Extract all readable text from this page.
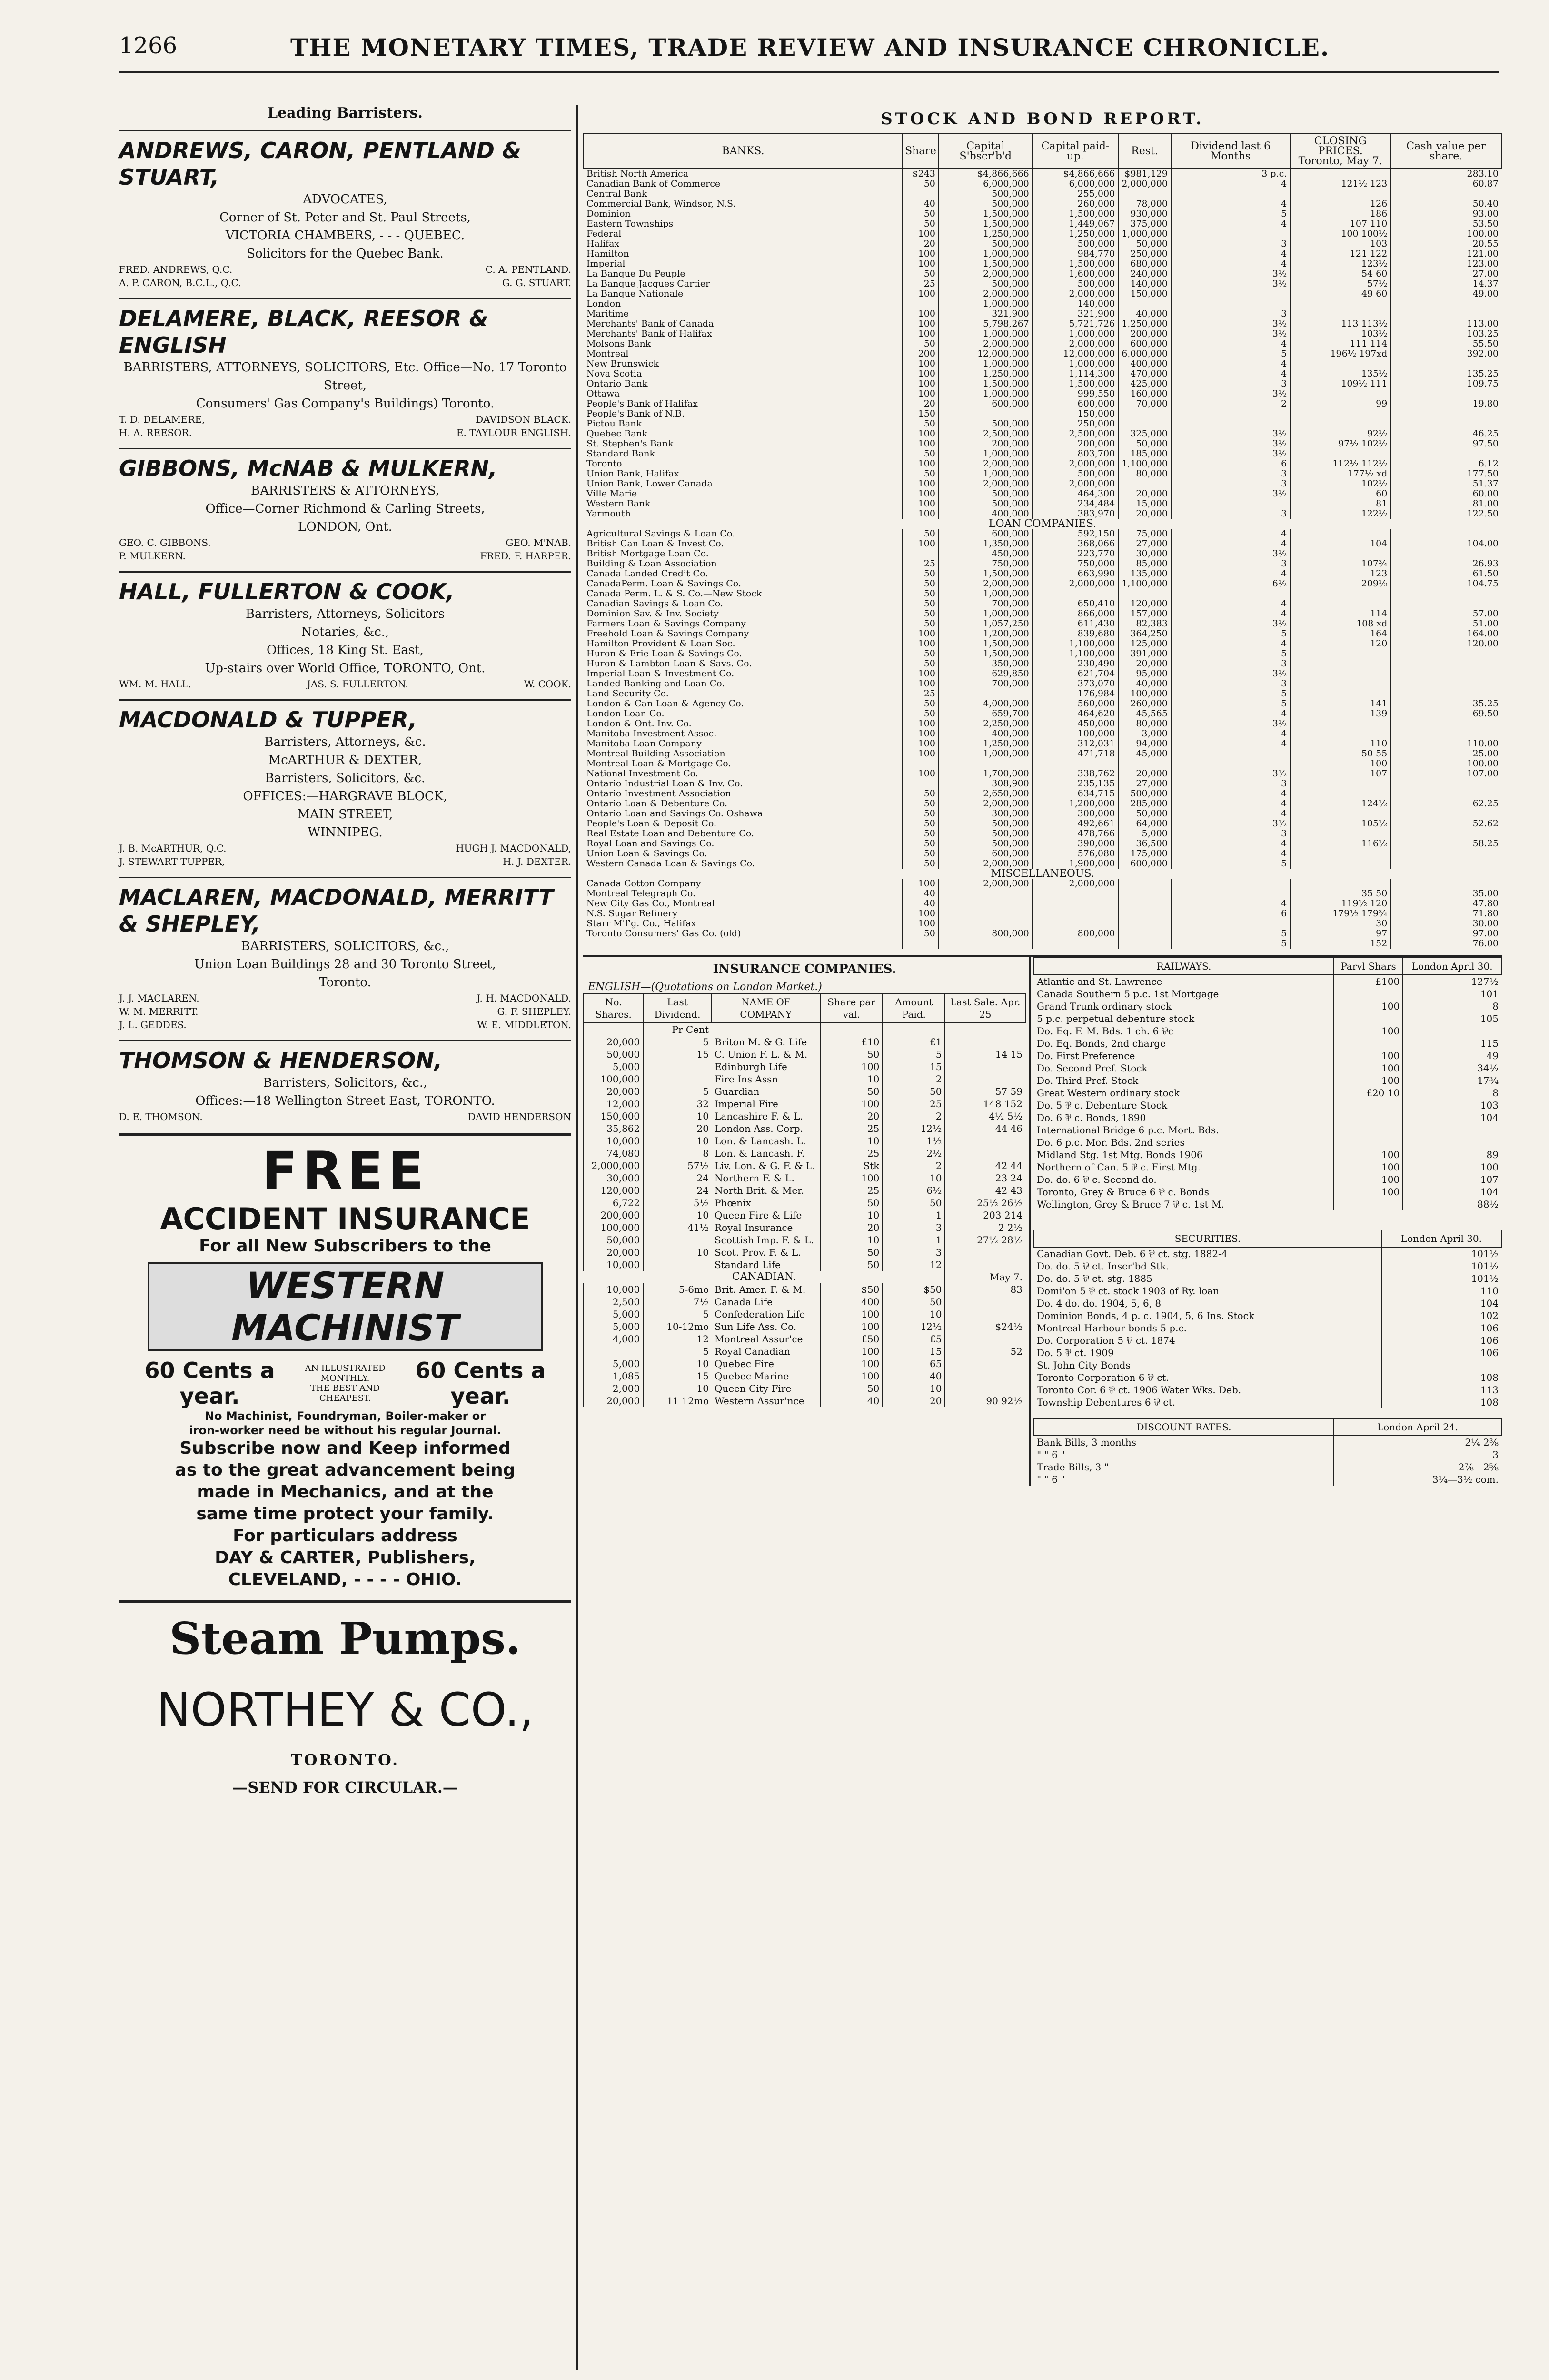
1266	THE MONETARY TIMES, TRADE REVIEW AND INSURANCE CHRONICLE.
Leading Barristers.
ANDREWS, CARON, PENTLAND & STUART,
ADVOCATES,
Corner of St. Peter and St. Paul Streets,
VICTORIA CHAMBERS, - - - QUEBEC.
Solicitors for the Quebec Bank.
FRED. ANDREWS, Q.C.	C. A. PENTLAND.
A. P. CARON, B.C.L., Q.C.	G. G. STUART.
DELAMERE, BLACK, REESOR & ENGLISH
BARRISTERS, ATTORNEYS, SOLICITORS, Etc. Office—No. 17 Toronto Street,
Consumers' Gas Company's Buildings) Toronto.
T. D. DELAMERE,	DAVIDSON BLACK.
H. A. REESOR.	E. TAYLOUR ENGLISH.
GIBBONS, McNAB & MULKERN,
BARRISTERS & ATTORNEYS,
Office—Corner Richmond & Carling Streets,
LONDON, Ont.
GEO. C. GIBBONS.	GEO. M'NAB.
P. MULKERN.	FRED. F. HARPER.
HALL, FULLERTON & COOK,
Barristers, Attorneys, Solicitors
Notaries, &c.,
Offices, 18 King St. East,
Up-stairs over World Office, TORONTO, Ont.
WM. M. HALL.	JAS. S. FULLERTON.	W. COOK.
MACDONALD & TUPPER,
Barristers, Attorneys, &c.
McARTHUR & DEXTER,
Barristers, Solicitors, &c.
OFFICES:—HARGRAVE BLOCK,
MAIN STREET,
WINNIPEG.
J. B. McARTHUR, Q.C.	HUGH J. MACDONALD,
J. STEWART TUPPER,	H. J. DEXTER.
MACLAREN, MACDONALD, MERRITT & SHEPLEY,
BARRISTERS, SOLICITORS, &c.,
Union Loan Buildings 28 and 30 Toronto Street,
Toronto.
J. J. MACLAREN.	J. H. MACDONALD.
W. M. MERRITT.	G. F. SHEPLEY.
J. L. GEDDES.	W. E. MIDDLETON.
THOMSON & HENDERSON,
Barristers, Solicitors, &c.,
Offices:—18 Wellington Street East, TORONTO.
D. E. THOMSON.	DAVID HENDERSON
FREE
ACCIDENT INSURANCE
For all New Subscribers to the
WESTERN MACHINIST
60 Cents a year.
AN ILLUSTRATED MONTHLY.
THE BEST AND CHEAPEST.
60 Cents a year.
No Machinist, Foundryman, Boiler-maker or
iron-worker need be without his regular Journal.
Subscribe now and Keep informed
as to the great advancement being
made in Mechanics, and at the
same time protect your family.
For particulars address
DAY & CARTER, Publishers,
CLEVELAND, - - - - OHIO.
Steam Pumps.
NORTHEY & CO.,
TORONTO.
—SEND FOR CIRCULAR.—
STOCK AND BOND REPORT.
BANKS.	Share	Capital S'bscr'b'd	Capital paid-up.	Rest.	Dividend last 6 Months	CLOSING PRICES.
Toronto, May 7.	Cash value per share.
British North America	$243	$4,866,666	$4,866,666	$981,129	3 p.c.		283.10
Canadian Bank of Commerce	50	6,000,000	6,000,000	2,000,000	4	121½ 123	60.87
Central Bank		500,000	255,000				
Commercial Bank, Windsor, N.S.	40	500,000	260,000	78,000	4	126	50.40
Dominion	50	1,500,000	1,500,000	930,000	5	186	93.00
Eastern Townships	50	1,500,000	1,449,067	375,000	4	107 110	53.50
Federal	100	1,250,000	1,250,000	1,000,000		100 100½	100.00
Halifax	20	500,000	500,000	50,000	3	103	20.55
Hamilton	100	1,000,000	984,770	250,000	4	121 122	121.00
Imperial	100	1,500,000	1,500,000	680,000	4	123½	123.00
La Banque Du Peuple	50	2,000,000	1,600,000	240,000	3½	54 60	27.00
La Banque Jacques Cartier	25	500,000	500,000	140,000	3½	57½	14.37
La Banque Nationale	100	2,000,000	2,000,000	150,000		49 60	49.00
London		1,000,000	140,000				
Maritime	100	321,900	321,900	40,000	3		
Merchants' Bank of Canada	100	5,798,267	5,721,726	1,250,000	3½	113 113½	113.00
Merchants' Bank of Halifax	100	1,000,000	1,000,000	200,000	3½	103½	103.25
Molsons Bank	50	2,000,000	2,000,000	600,000	4	111 114	55.50
Montreal	200	12,000,000	12,000,000	6,000,000	5	196½ 197xd	392.00
New Brunswick	100	1,000,000	1,000,000	400,000	4		
Nova Scotia	100	1,250,000	1,114,300	470,000	4	135½	135.25
Ontario Bank	100	1,500,000	1,500,000	425,000	3	109½ 111	109.75
Ottawa	100	1,000,000	999,550	160,000	3½		
People's Bank of Halifax	20	600,000	600,000	70,000	2	99	19.80
People's Bank of N.B.	150		150,000				
Pictou Bank	50	500,000	250,000				
Quebec Bank	100	2,500,000	2,500,000	325,000	3½	92½	46.25
St. Stephen's Bank	100	200,000	200,000	50,000	3½	97½ 102½	97.50
Standard Bank	50	1,000,000	803,700	185,000	3½		
Toronto	100	2,000,000	2,000,000	1,100,000	6	112½ 112½	6.12
Union Bank, Halifax	50	1,000,000	500,000	80,000	3	177½ xd	177.50
Union Bank, Lower Canada	100	2,000,000	2,000,000		3	102½	51.37
Ville Marie	100	500,000	464,300	20,000	3½	60	60.00
Western Bank	100	500,000	234,484	15,000		81	81.00
Yarmouth	100	400,000	383,970	20,000	3	122½	122.50
LOAN COMPANIES.							
Agricultural Savings & Loan Co.	50	600,000	592,150	75,000	4		
British Can Loan & Invest Co.	100	1,350,000	368,066	27,000	4	104	104.00
British Mortgage Loan Co.		450,000	223,770	30,000	3½		
Building & Loan Association	25	750,000	750,000	85,000	3	107¾	26.93
Canada Landed Credit Co.	50	1,500,000	663,990	135,000	4	123	61.50
CanadaPerm. Loan & Savings Co.	50	2,000,000	2,000,000	1,100,000	6½	209½	104.75
Canada Perm. L. & S. Co.—New Stock	50	1,000,000					
Canadian Savings & Loan Co.	50	700,000	650,410	120,000	4		
Dominion Sav. & Inv. Society	50	1,000,000	866,000	157,000	4	114	57.00
Farmers Loan & Savings Company	50	1,057,250	611,430	82,383	3½	108 xd	51.00
Freehold Loan & Savings Company	100	1,200,000	839,680	364,250	5	164	164.00
Hamilton Provident & Loan Soc.	100	1,500,000	1,100,000	125,000	4	120	120.00
Huron & Erie Loan & Savings Co.	50	1,500,000	1,100,000	391,000	5		
Huron & Lambton Loan & Savs. Co.	50	350,000	230,490	20,000	3		
Imperial Loan & Investment Co.	100	629,850	621,704	95,000	3½		
Landed Banking and Loan Co.	100	700,000	373,070	40,000	3		
Land Security Co.	25		176,984	100,000	5		
London & Can Loan & Agency Co.	50	4,000,000	560,000	260,000	5	141	35.25
London Loan Co.	50	659,700	464,620	45,565	4	139	69.50
London & Ont. Inv. Co.	100	2,250,000	450,000	80,000	3½		
Manitoba Investment Assoc.	100	400,000	100,000	3,000	4		
Manitoba Loan Company	100	1,250,000	312,031	94,000	4	110	110.00
Montreal Building Association	100	1,000,000	471,718	45,000		50 55	25.00
Montreal Loan & Mortgage Co.						100	100.00
National Investment Co.	100	1,700,000	338,762	20,000	3½	107	107.00
Ontario Industrial Loan & Inv. Co.		308,900	235,135	27,000	3		
Ontario Investment Association	50	2,650,000	634,715	500,000	4		
Ontario Loan & Debenture Co.	50	2,000,000	1,200,000	285,000	4	124½	62.25
Ontario Loan and Savings Co. Oshawa	50	300,000	300,000	50,000	4		
People's Loan & Deposit Co.	50	500,000	492,661	64,000	3½	105½	52.62
Real Estate Loan and Debenture Co.	50	500,000	478,766	5,000	3		
Royal Loan and Savings Co.	50	500,000	390,000	36,500	4	116½	58.25
Union Loan & Savings Co.	50	600,000	576,080	175,000	4		
Western Canada Loan & Savings Co.	50	2,000,000	1,900,000	600,000	5		
MISCELLANEOUS.							
Canada Cotton Company	100	2,000,000	2,000,000				
Montreal Telegraph Co.	40					35 50	35.00
New City Gas Co., Montreal	40				4	119½ 120	47.80
N.S. Sugar Refinery	100				6	179½ 179¾	71.80
Starr M'f'g. Co., Halifax	100					30	30.00
Toronto Consumers' Gas Co. (old)	50	800,000	800,000		5	97	97.00
					5	152	76.00
INSURANCE COMPANIES.
ENGLISH—(Quotations on London Market.)
No. Shares.	Last Dividend.	NAME OF COMPANY	Share par val.	Amount Paid.	Last Sale. Apr. 25
	Pr Cent				
20,000	5	Briton M. & G. Life	£10	£1	
50,000	15	C. Union F. L. & M.	50	5	14 15
5,000		Edinburgh Life	100	15	
100,000		Fire Ins Assn	10	2	
20,000	5	Guardian	50	50	57 59
12,000	32	Imperial Fire	100	25	148 152
150,000	10	Lancashire F. & L.	20	2	4½ 5½
35,862	20	London Ass. Corp.	25	12½	44 46
10,000	10	Lon. & Lancash. L.	10	1½	
74,080	8	Lon. & Lancash. F.	25	2½	
2,000,000	57½	Liv. Lon. & G. F. & L.	Stk	2	42 44
30,000	24	Northern F. & L.	100	10	23 24
120,000	24	North Brit. & Mer.	25	6½	42 43
6,722	5½	Phœnix	50	50	25½ 26½
200,000	10	Queen Fire & Life	10	1	203 214
100,000	41½	Royal Insurance	20	3	2 2½
50,000		Scottish Imp. F. & L.	10	1	27½ 28½
20,000	10	Scot. Prov. F. & L.	50	3	
10,000		Standard Life	50	12	
CANADIAN.					May 7.
10,000	5-6mo	Brit. Amer. F. & M.	$50	$50	83
2,500	7½	Canada Life	400	50	
5,000	5	Confederation Life	100	10	
5,000	10-12mo	Sun Life Ass. Co.	100	12½	$24½
4,000	12	Montreal Assur'ce	£50	£5	
	5	Royal Canadian	100	15	52
5,000	10	Quebec Fire	100	65	
1,085	15	Quebec Marine	100	40	
2,000	10	Queen City Fire	50	10	
20,000	11 12mo	Western Assur'nce	40	20	90 92½
RAILWAYS.	Parvl Shars	London April 30.
Atlantic and St. Lawrence	£100	127½
Canada Southern 5 p.c. 1st Mortgage		101
Grand Trunk ordinary stock	100	8
5 p.c. perpetual debenture stock		105
Do. Eq. F. M. Bds. 1 ch. 6 ⅌c	100	
Do. Eq. Bonds, 2nd charge		115
Do. First Preference	100	49
Do. Second Pref. Stock	100	34½
Do. Third Pref. Stock	100	17¾
Great Western ordinary stock	£20 10	8
Do. 5 ⅌ c. Debenture Stock		103
Do. 6 ⅌ c. Bonds, 1890		104
International Bridge 6 p.c. Mort. Bds.		
Do. 6 p.c. Mor. Bds. 2nd series		
Midland Stg. 1st Mtg. Bonds 1906	100	89
Northern of Can. 5 ⅌ c. First Mtg.	100	100
Do. do. 6 ⅌ c. Second do.	100	107
Toronto, Grey & Bruce 6 ⅌ c. Bonds	100	104
Wellington, Grey & Bruce 7 ⅌ c. 1st M.		88½
SECURITIES.	London April 30.
Canadian Govt. Deb. 6 ⅌ ct. stg. 1882-4	101½
Do. do. 5 ⅌ ct. Inscr'bd Stk.	101½
Do. do. 5 ⅌ ct. stg. 1885	101½
Domi'on 5 ⅌ ct. stock 1903 of Ry. loan	110
Do. 4 do. do. 1904, 5, 6, 8	104
Dominion Bonds, 4 p. c. 1904, 5, 6 Ins. Stock	102
Montreal Harbour bonds 5 p.c.	106
Do. Corporation 5 ⅌ ct. 1874	106
Do. 5 ⅌ ct. 1909	106
St. John City Bonds	
Toronto Corporation 6 ⅌ ct.	108
Toronto Cor. 6 ⅌ ct. 1906 Water Wks. Deb.	113
Township Debentures 6 ⅌ ct.	108
DISCOUNT RATES.	London April 24.
Bank Bills, 3 months	2¼ 2⅜
" " 6 "	3
Trade Bills, 3 "	2⅞—2⅝
" " 6 "	3¼—3½ com.
